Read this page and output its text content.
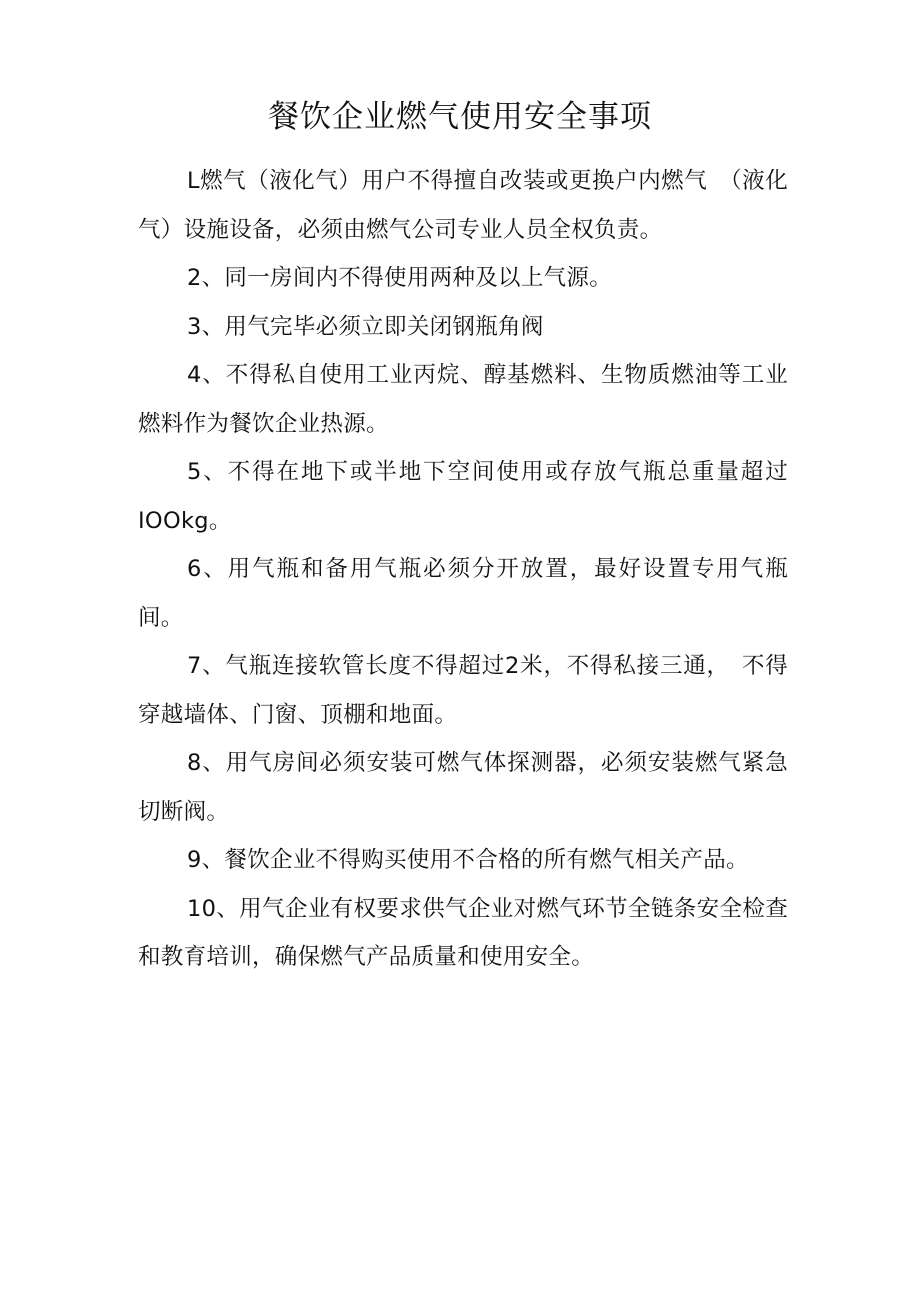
餐饮企业燃气使用安全事项

L燃气（液化气）用户不得擅自改装或更换户内燃气　（液化气）设施设备，必须由燃气公司专业人员全权负责。

2、同一房间内不得使用两种及以上气源。

3、用气完毕必须立即关闭钢瓶角阀

4、不得私自使用工业丙烷、醇基燃料、生物质燃油等工业燃料作为餐饮企业热源。

5、不得在地下或半地下空间使用或存放气瓶总重量超过IOOkg。

6、用气瓶和备用气瓶必须分开放置，最好设置专用气瓶间。

7、气瓶连接软管长度不得超过2米，不得私接三通，　不得穿越墙体、门窗、顶棚和地面。

8、用气房间必须安装可燃气体探测器，必须安装燃气紧急切断阀。

9、餐饮企业不得购买使用不合格的所有燃气相关产品。

10、用气企业有权要求供气企业对燃气环节全链条安全检查和教育培训，确保燃气产品质量和使用安全。
